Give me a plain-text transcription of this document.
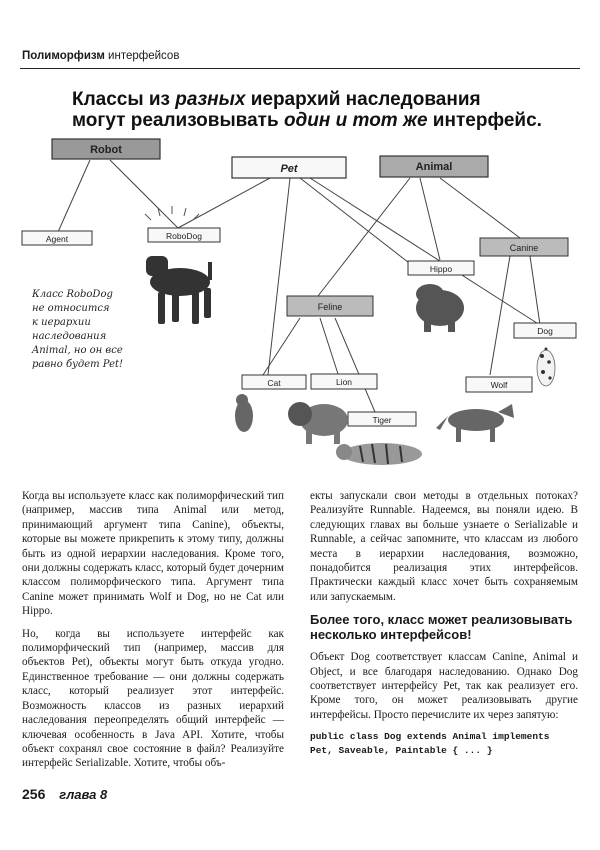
Полиморфизм интерфейсов
Классы из разных иерархий наследования
могут реализовывать один и тот же интерфейс.
Robot
Pet	Animal
Agent	RoboDog
Canine
Hippo
Feline
Dog
Cat	Lion
Tiger
Wolf
Класс RoboDog
не относится
к иерархии
наследования
Animal, но он все
равно будет Pet!

Когда вы используете класс как полиморфический тип (например, массив типа Animal или метод, принимающий аргумент типа Canine), объекты, которые вы можете прикрепить к этому типу, должны быть из одной иерархии наследования. Кроме того, они должны содержать класс, который будет дочерним классом полиморфического типа. Аргумент типа Canine может принимать Wolf и Dog, но не Cat или Hippo.

Но, когда вы используете интерфейс как полиморфический тип (например, массив для объектов Pet), объекты могут быть откуда угодно. Единственное требование — они должны содержать класс, который реализует этот интерфейс. Возможность классов из разных иерархий наследования переопределять общий интерфейс — ключевая особенность в Java API. Хотите, чтобы объект сохранял свое состояние в файл? Реализуйте интерфейс Serializable. Хотите, чтобы объ-

екты запускали свои методы в отдельных потоках? Реализуйте Runnable. Надеемся, вы поняли идею. В следующих главах вы больше узнаете о Serializable и Runnable, а сейчас запомните, что классам из любого места в иерархии наследования, возможно, понадобится реализация этих интерфейсов. Практически каждый класс хочет быть сохраняемым или запускаемым.

Более того, класс может реализовывать несколько интерфейсов!

Объект Dog соответствует классам Canine, Animal и Object, и все благодаря наследованию. Однако Dog соответствует интерфейсу Pet, так как реализует его. Кроме того, он может реализовывать другие интерфейсы. Просто перечислите их через запятую:

public class Dog extends Animal implements
Pet, Saveable, Paintable { ... }
256 глава 8
